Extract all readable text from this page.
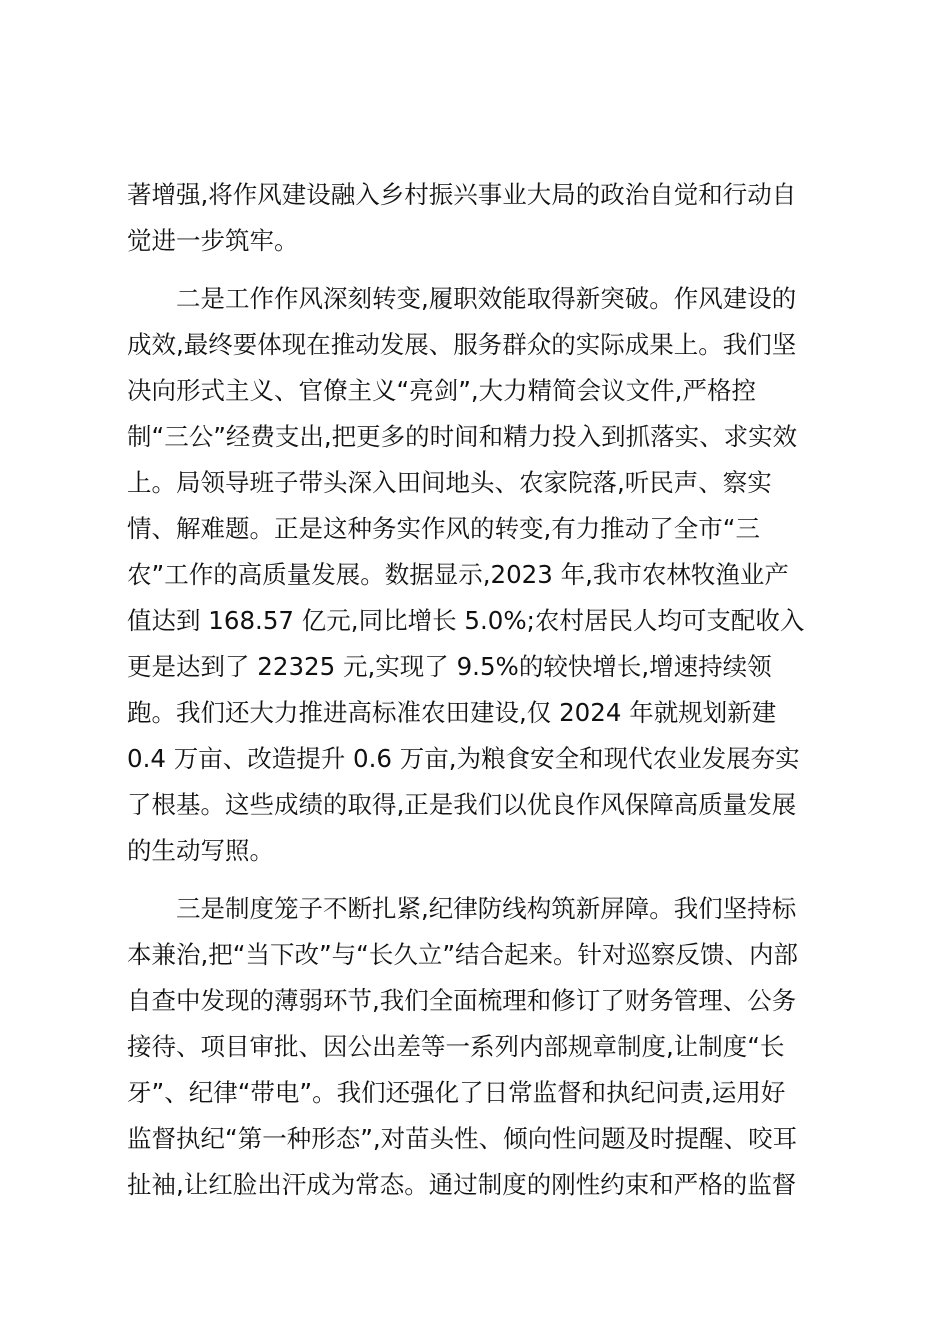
著增强,将作风建设融入乡村振兴事业大局的政治自觉和行动自
觉进一步筑牢。
二是工作作风深刻转变,履职效能取得新突破。作风建设的
成效,最终要体现在推动发展、服务群众的实际成果上。我们坚
决向形式主义、官僚主义“亮剑”,大力精简会议文件,严格控
制“三公”经费支出,把更多的时间和精力投入到抓落实、求实效
上。局领导班子带头深入田间地头、农家院落,听民声、察实
情、解难题。正是这种务实作风的转变,有力推动了全市“三
农”工作的高质量发展。数据显示,2023 年,我市农林牧渔业产
值达到 168.57 亿元,同比增长 5.0%;农村居民人均可支配收入
更是达到了 22325 元,实现了 9.5%的较快增长,增速持续领
跑。我们还大力推进高标准农田建设,仅 2024 年就规划新建
0.4 万亩、改造提升 0.6 万亩,为粮食安全和现代农业发展夯实
了根基。这些成绩的取得,正是我们以优良作风保障高质量发展
的生动写照。
三是制度笼子不断扎紧,纪律防线构筑新屏障。我们坚持标
本兼治,把“当下改”与“长久立”结合起来。针对巡察反馈、内部
自查中发现的薄弱环节,我们全面梳理和修订了财务管理、公务
接待、项目审批、因公出差等一系列内部规章制度,让制度“长
牙”、纪律“带电”。我们还强化了日常监督和执纪问责,运用好
监督执纪“第一种形态”,对苗头性、倾向性问题及时提醒、咬耳
扯袖,让红脸出汗成为常态。通过制度的刚性约束和严格的监督
